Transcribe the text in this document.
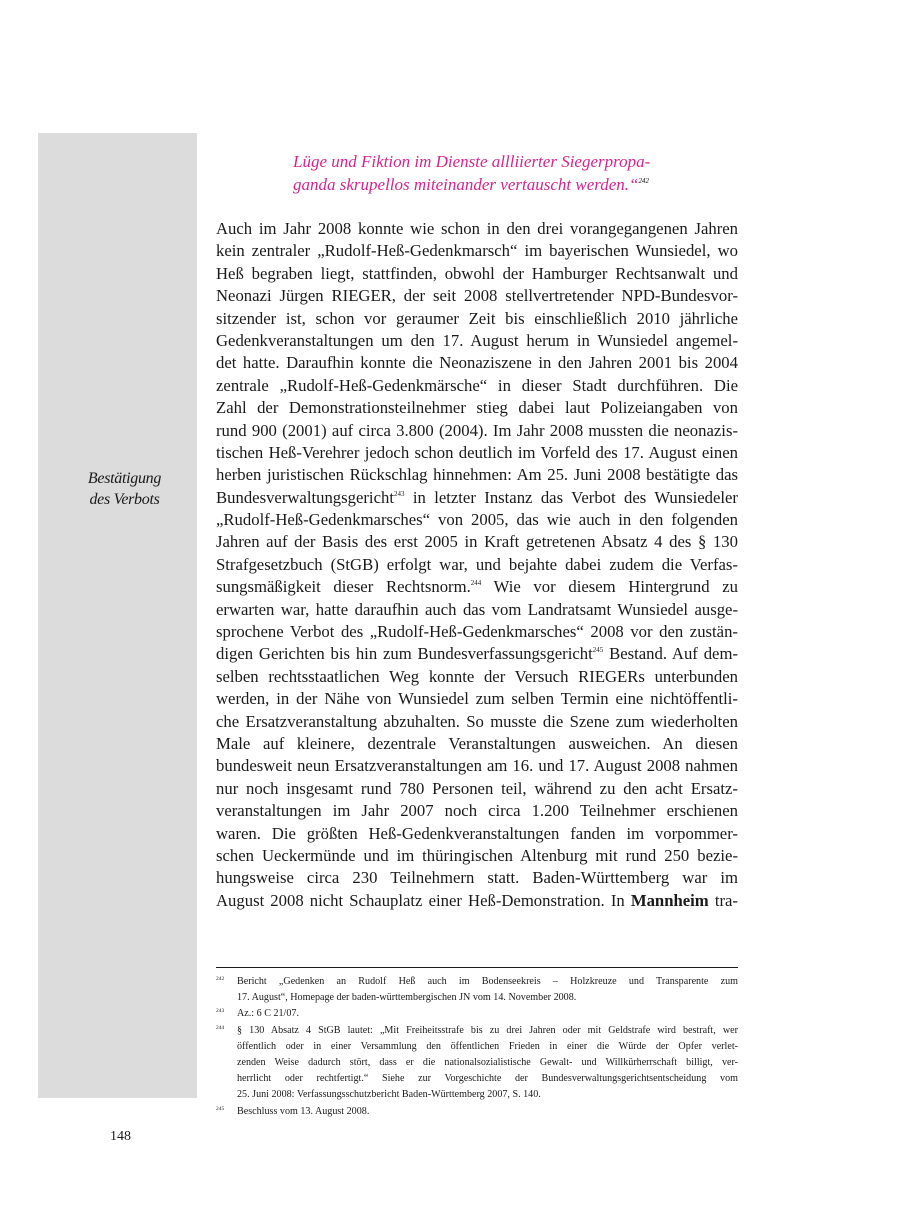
Bestätigung
des Verbots
Lüge und Fiktion im Dienste allliierter Siegerpropa-
ganda skrupellos miteinander vertauscht werden.“$^{242}$
Auch im Jahr 2008 konnte wie schon in den drei vorangegangenen Jahren
kein zentraler „Rudolf-Heß-Gedenkmarsch“ im bayerischen Wunsiedel, wo
Heß begraben liegt, stattfinden, obwohl der Hamburger Rechtsanwalt und
Neonazi Jürgen RIEGER, der seit 2008 stellvertretender NPD-Bundesvor-
sitzender ist, schon vor geraumer Zeit bis einschließlich 2010 jährliche
Gedenkveranstaltungen um den 17. August herum in Wunsiedel angemel-
det hatte. Daraufhin konnte die Neonaziszene in den Jahren 2001 bis 2004
zentrale „Rudolf-Heß-Gedenkmärsche“ in dieser Stadt durchführen. Die
Zahl der Demonstrationsteilnehmer stieg dabei laut Polizeiangaben von
rund 900 (2001) auf circa 3.800 (2004). Im Jahr 2008 mussten die neonazis-
tischen Heß-Verehrer jedoch schon deutlich im Vorfeld des 17. August einen
herben juristischen Rückschlag hinnehmen: Am 25. Juni 2008 bestätigte das
Bundesverwaltungsgericht$^{243}$ in letzter Instanz das Verbot des Wunsiedeler
„Rudolf-Heß-Gedenkmarsches“ von 2005, das wie auch in den folgenden
Jahren auf der Basis des erst 2005 in Kraft getretenen Absatz 4 des § 130
Strafgesetzbuch (StGB) erfolgt war, und bejahte dabei zudem die Verfas-
sungsmäßigkeit dieser Rechtsnorm.$^{244}$ Wie vor diesem Hintergrund zu
erwarten war, hatte daraufhin auch das vom Landratsamt Wunsiedel ausge-
sprochene Verbot des „Rudolf-Heß-Gedenkmarsches“ 2008 vor den zustän-
digen Gerichten bis hin zum Bundesverfassungsgericht$^{245}$ Bestand. Auf dem-
selben rechtsstaatlichen Weg konnte der Versuch RIEGERs unterbunden
werden, in der Nähe von Wunsiedel zum selben Termin eine nichtöffentli-
che Ersatzveranstaltung abzuhalten. So musste die Szene zum wiederholten
Male auf kleinere, dezentrale Veranstaltungen ausweichen. An diesen
bundesweit neun Ersatzveranstaltungen am 16. und 17. August 2008 nahmen
nur noch insgesamt rund 780 Personen teil, während zu den acht Ersatz-
veranstaltungen im Jahr 2007 noch circa 1.200 Teilnehmer erschienen
waren. Die größten Heß-Gedenkveranstaltungen fanden im vorpommer-
schen Ueckermünde und im thüringischen Altenburg mit rund 250 bezie-
hungsweise circa 230 Teilnehmern statt. Baden-Württemberg war im
August 2008 nicht Schauplatz einer Heß-Demonstration. In Mannheim tra-
242 Bericht „Gedenken an Rudolf Heß auch im Bodenseekreis – Holzkreuze und Transparente zum
17. August“, Homepage der baden-württembergischen JN vom 14. November 2008.
243 Az.: 6 C 21/07.
244 § 130 Absatz 4 StGB lautet: „Mit Freiheitsstrafe bis zu drei Jahren oder mit Geldstrafe wird bestraft, wer
öffentlich oder in einer Versammlung den öffentlichen Frieden in einer die Würde der Opfer verlet-
zenden Weise dadurch stört, dass er die nationalsozialistische Gewalt- und Willkürherrschaft billigt, ver-
herrlicht oder rechtfertigt.“ Siehe zur Vorgeschichte der Bundesverwaltungsgerichtsentscheidung vom
25. Juni 2008: Verfassungsschutzbericht Baden-Württemberg 2007, S. 140.
245 Beschluss vom 13. August 2008.
148
